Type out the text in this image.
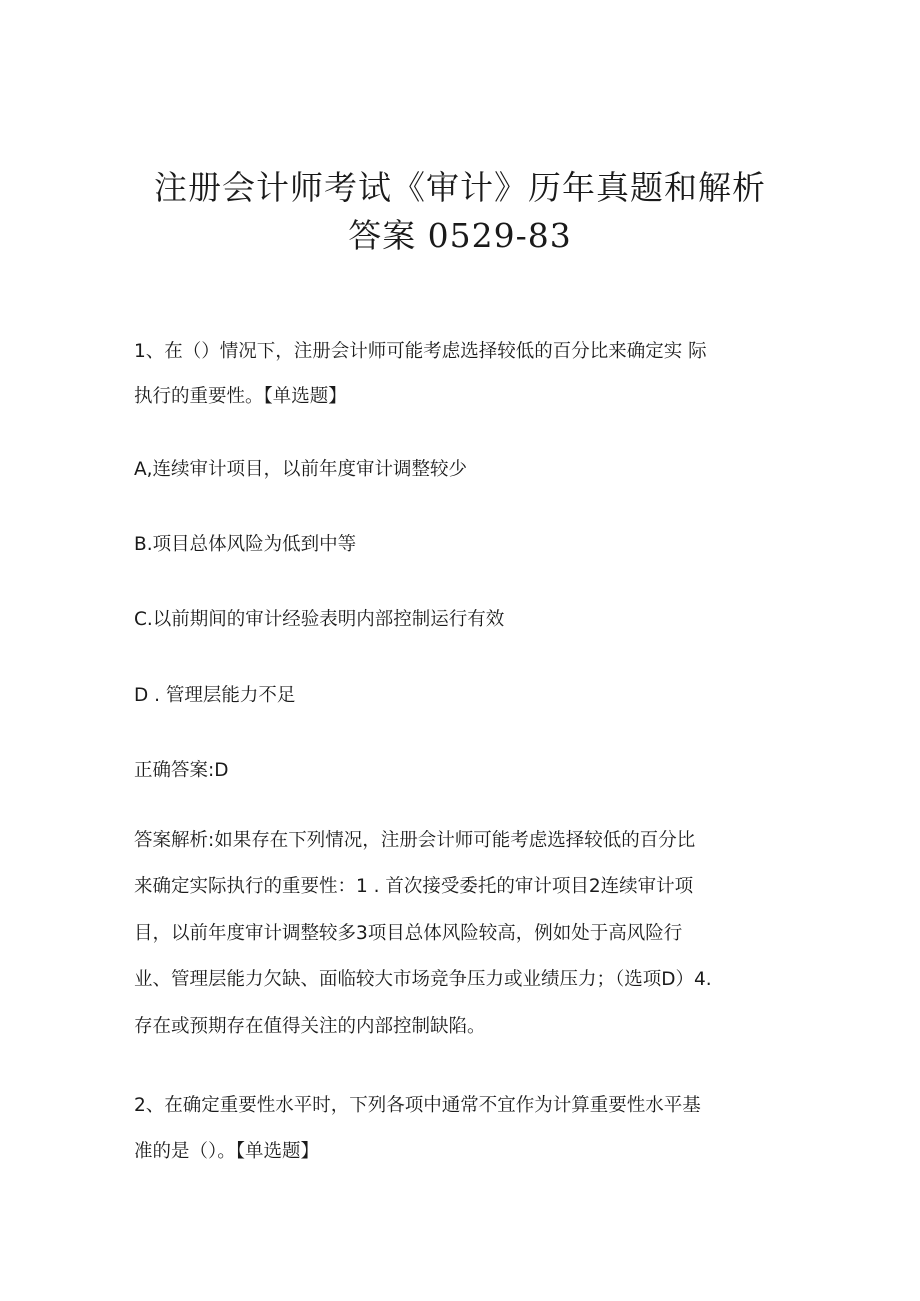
注册会计师考试《审计》历年真题和解析
答案 0529-83
1、在（）情况下，注册会计师可能考虑选择较低的百分比来确定实 际
执行的重要性。【单选题】
A,连续审计项目，以前年度审计调整较少
B.项目总体风险为低到中等
C.以前期间的审计经验表明内部控制运行有效
D . 管理层能力不足
正确答案:D
答案解析:如果存在下列情况，注册会计师可能考虑选择较低的百分比
来确定实际执行的重要性：1 . 首次接受委托的审计项目2连续审计项
目，以前年度审计调整较多3项目总体风险较高，例如处于高风险行
业、管理层能力欠缺、面临较大市场竞争压力或业绩压力；（选项D）4.
存在或预期存在值得关注的内部控制缺陷。
2、在确定重要性水平时，下列各项中通常不宜作为计算重要性水平基
准的是（）。【单选题】
